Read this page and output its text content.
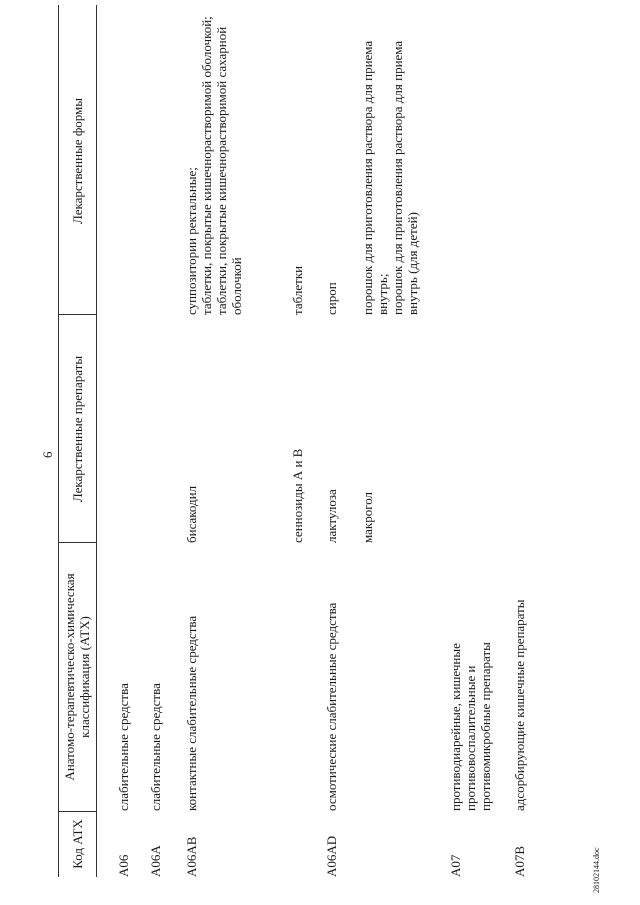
6
Код АТХ
Анатомо-терапевтическо-химическая классификация (АТХ)
Лекарственные препараты
Лекарственные формы
A06
слабительные средства
A06A
слабительные средства
A06AB
контактные слабительные средства
бисакодил
суппозитории ректальные;
таблетки, покрытые кишечнорастворимой оболочкой;
таблетки, покрытые кишечнорастворимой сахарной оболочкой
сеннозиды А и В
таблетки
A06AD
осмотические слабительные средства
лактулоза
сироп
макрогол
порошок для приготовления раствора для приема внутрь;
порошок для приготовления раствора для приема внутрь (для детей)
A07
противодиарейные, кишечные противовоспалительные и противомикробные препараты
A07B
адсорбирующие кишечные препараты
28102144.doc
